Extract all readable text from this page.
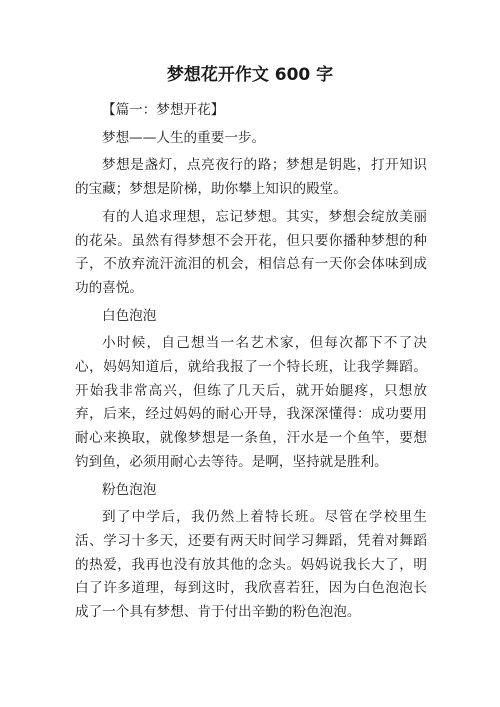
梦想花开作文 600 字

【篇一：梦想开花】

梦想——人生的重要一步。

梦想是盏灯，点亮夜行的路；梦想是钥匙，打开知识的宝藏；梦想是阶梯，助你攀上知识的殿堂。

有的人追求理想，忘记梦想。其实，梦想会绽放美丽的花朵。虽然有得梦想不会开花，但只要你播种梦想的种子，不放弃流汗流泪的机会，相信总有一天你会体味到成功的喜悦。

白色泡泡

小时候，自己想当一名艺术家，但每次都下不了决心，妈妈知道后，就给我报了一个特长班，让我学舞蹈。开始我非常高兴，但练了几天后，就开始腿疼，只想放弃，后来，经过妈妈的耐心开导，我深深懂得：成功要用耐心来换取，就像梦想是一条鱼，汗水是一个鱼竿，要想钓到鱼，必须用耐心去等待。是啊，坚持就是胜利。

粉色泡泡

到了中学后，我仍然上着特长班。尽管在学校里生活、学习十多天，还要有两天时间学习舞蹈，凭着对舞蹈的热爱，我再也没有放其他的念头。妈妈说我长大了，明白了许多道理，每到这时，我欣喜若狂，因为白色泡泡长成了一个具有梦想、肯于付出辛勤的粉色泡泡。
